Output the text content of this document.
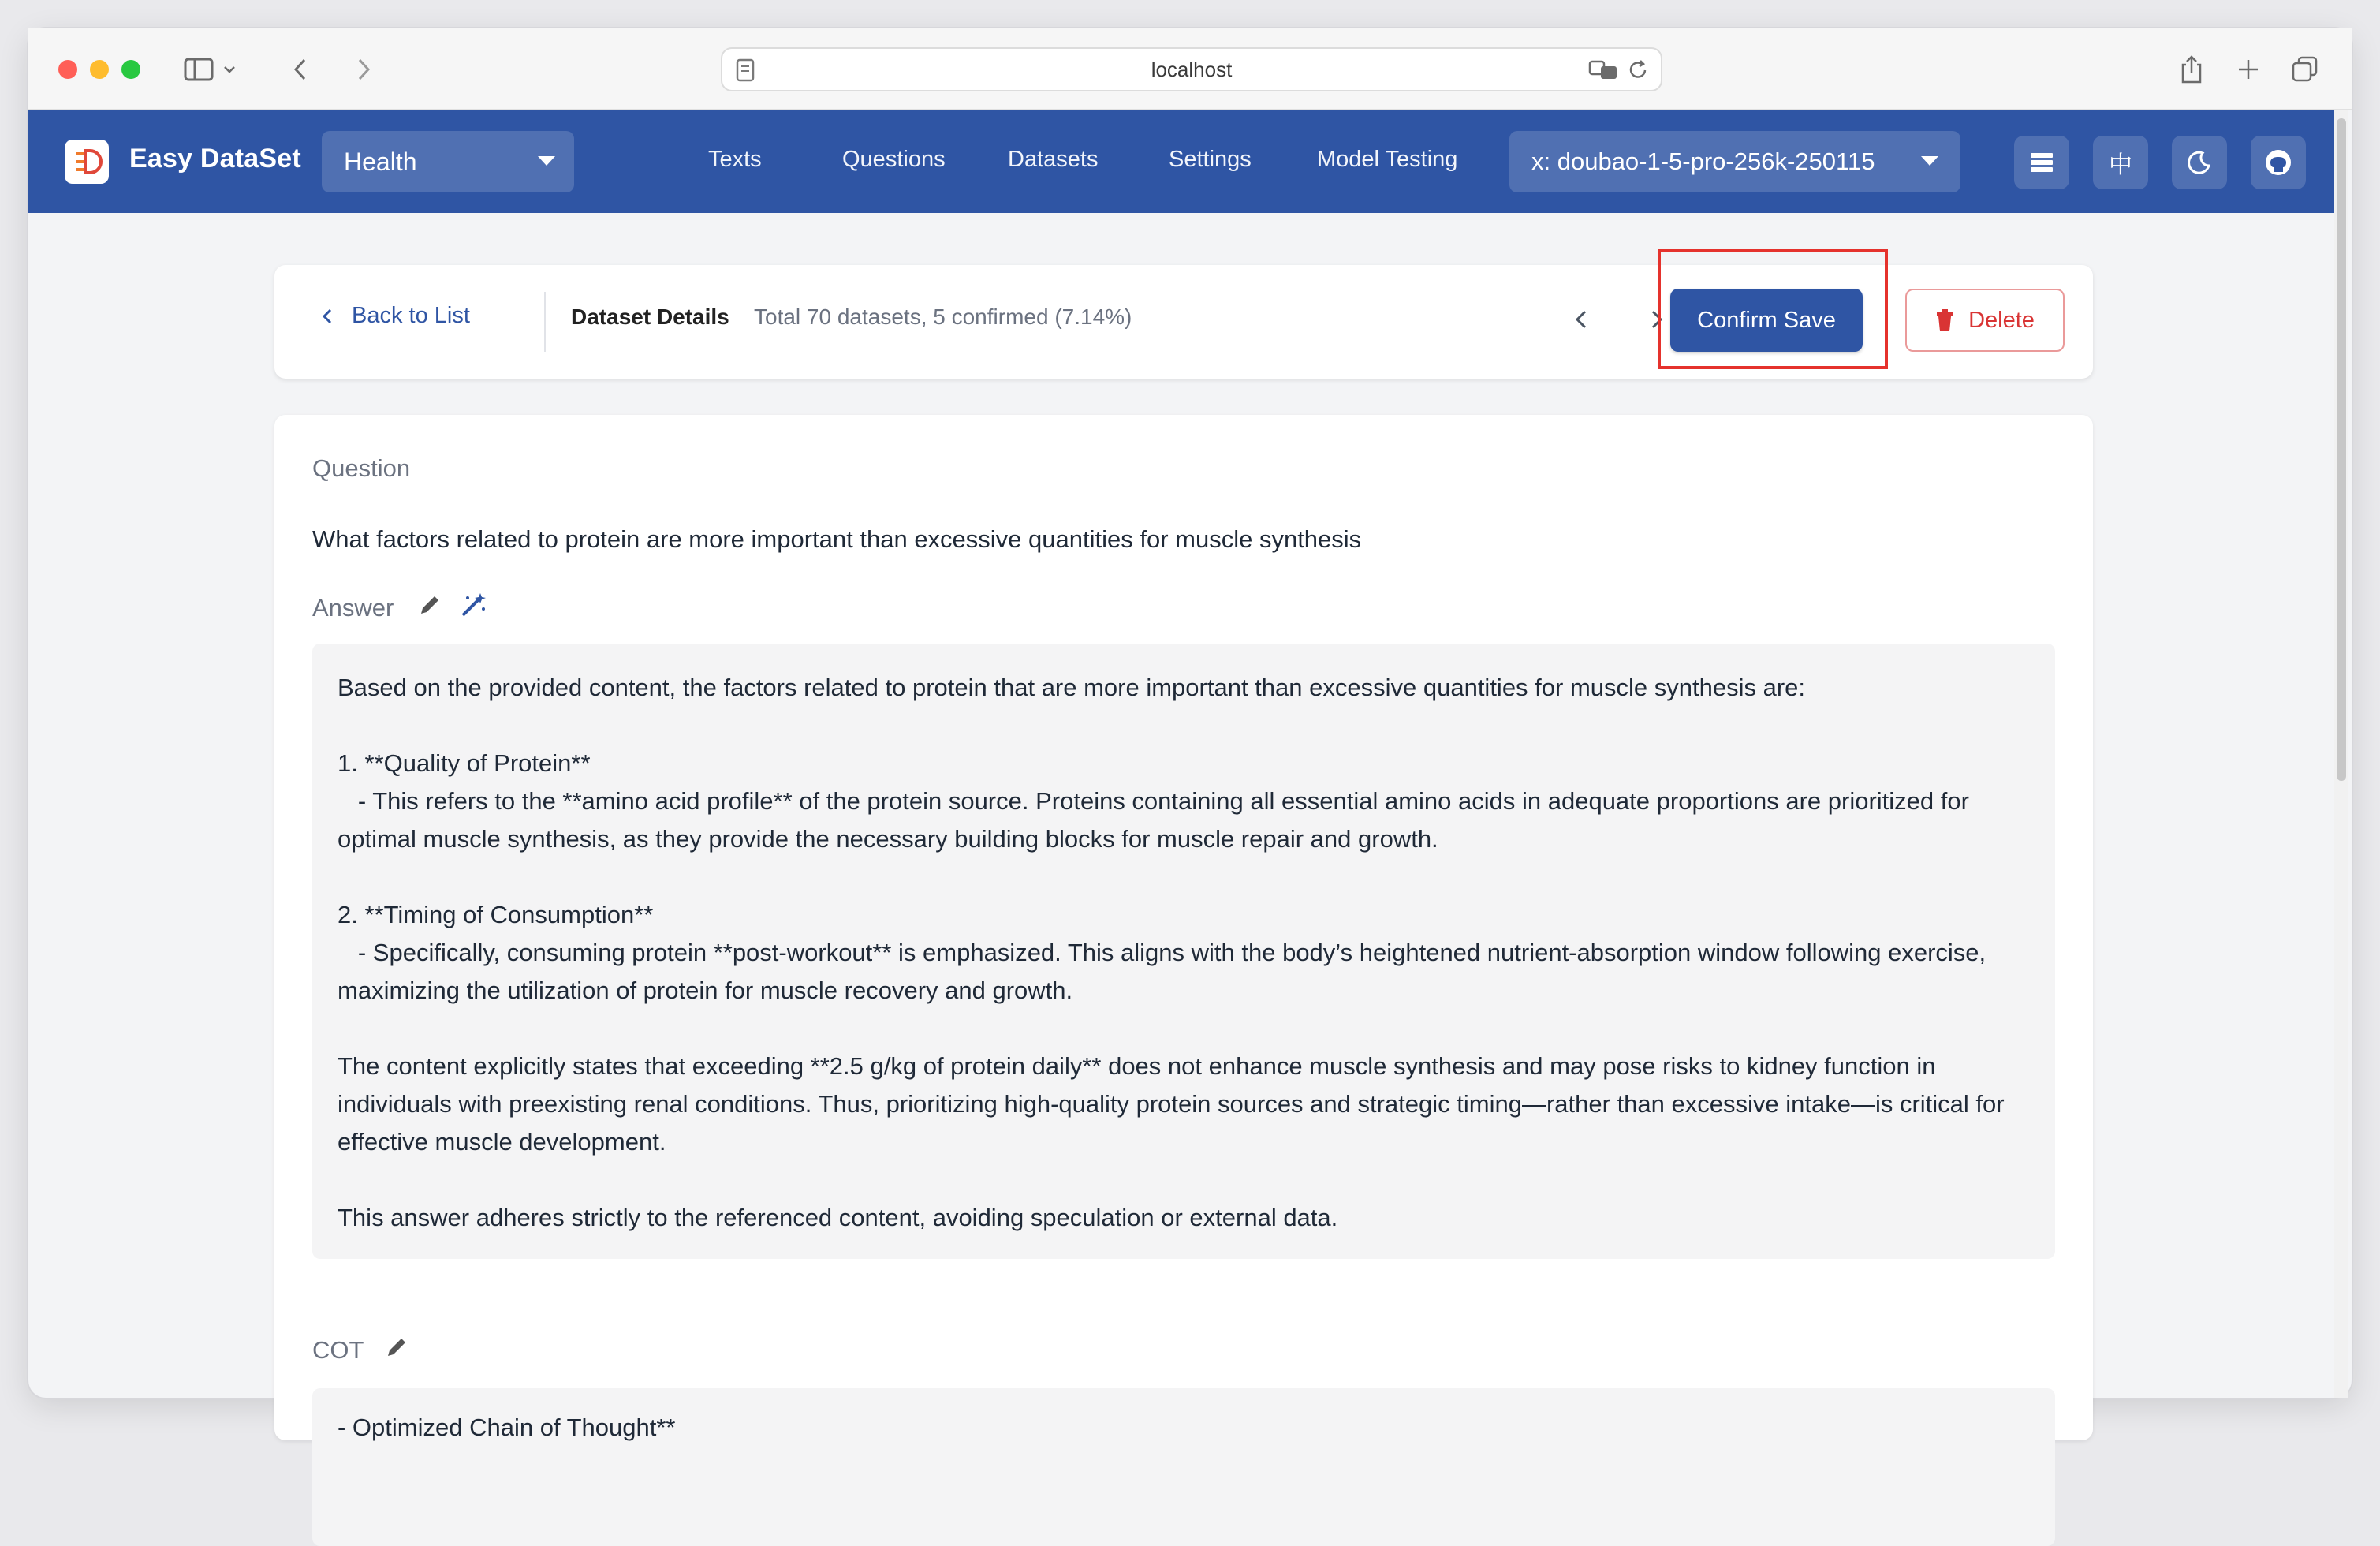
localhost
Easy DataSet Health	Texts	Questions	Datasets	Settings	Model Testing	x: doubao-1-5-pro-256k-250115	中
Back to List	Dataset Details Total 70 datasets, 5 confirmed (7.14%)	Confirm Save	Delete
Question
What factors related to protein are more important than excessive quantities for muscle synthesis
Answer
Based on the provided content, the factors related to protein that are more important than excessive quantities for muscle synthesis are:

1. **Quality of Protein**
- This refers to the **amino acid profile** of the protein source. Proteins containing all essential amino acids in adequate proportions are prioritized for optimal muscle synthesis, as they provide the necessary building blocks for muscle repair and growth.

2. **Timing of Consumption**
- Specifically, consuming protein **post-workout** is emphasized. This aligns with the body’s heightened nutrient-absorption window following exercise, maximizing the utilization of protein for muscle recovery and growth.

The content explicitly states that exceeding **2.5 g/kg of protein daily** does not enhance muscle synthesis and may pose risks to kidney function in individuals with preexisting renal conditions. Thus, prioritizing high-quality protein sources and strategic timing—rather than excessive intake—is critical for effective muscle development.

This answer adheres strictly to the referenced content, avoiding speculation or external data.
COT
- Optimized Chain of Thought**
